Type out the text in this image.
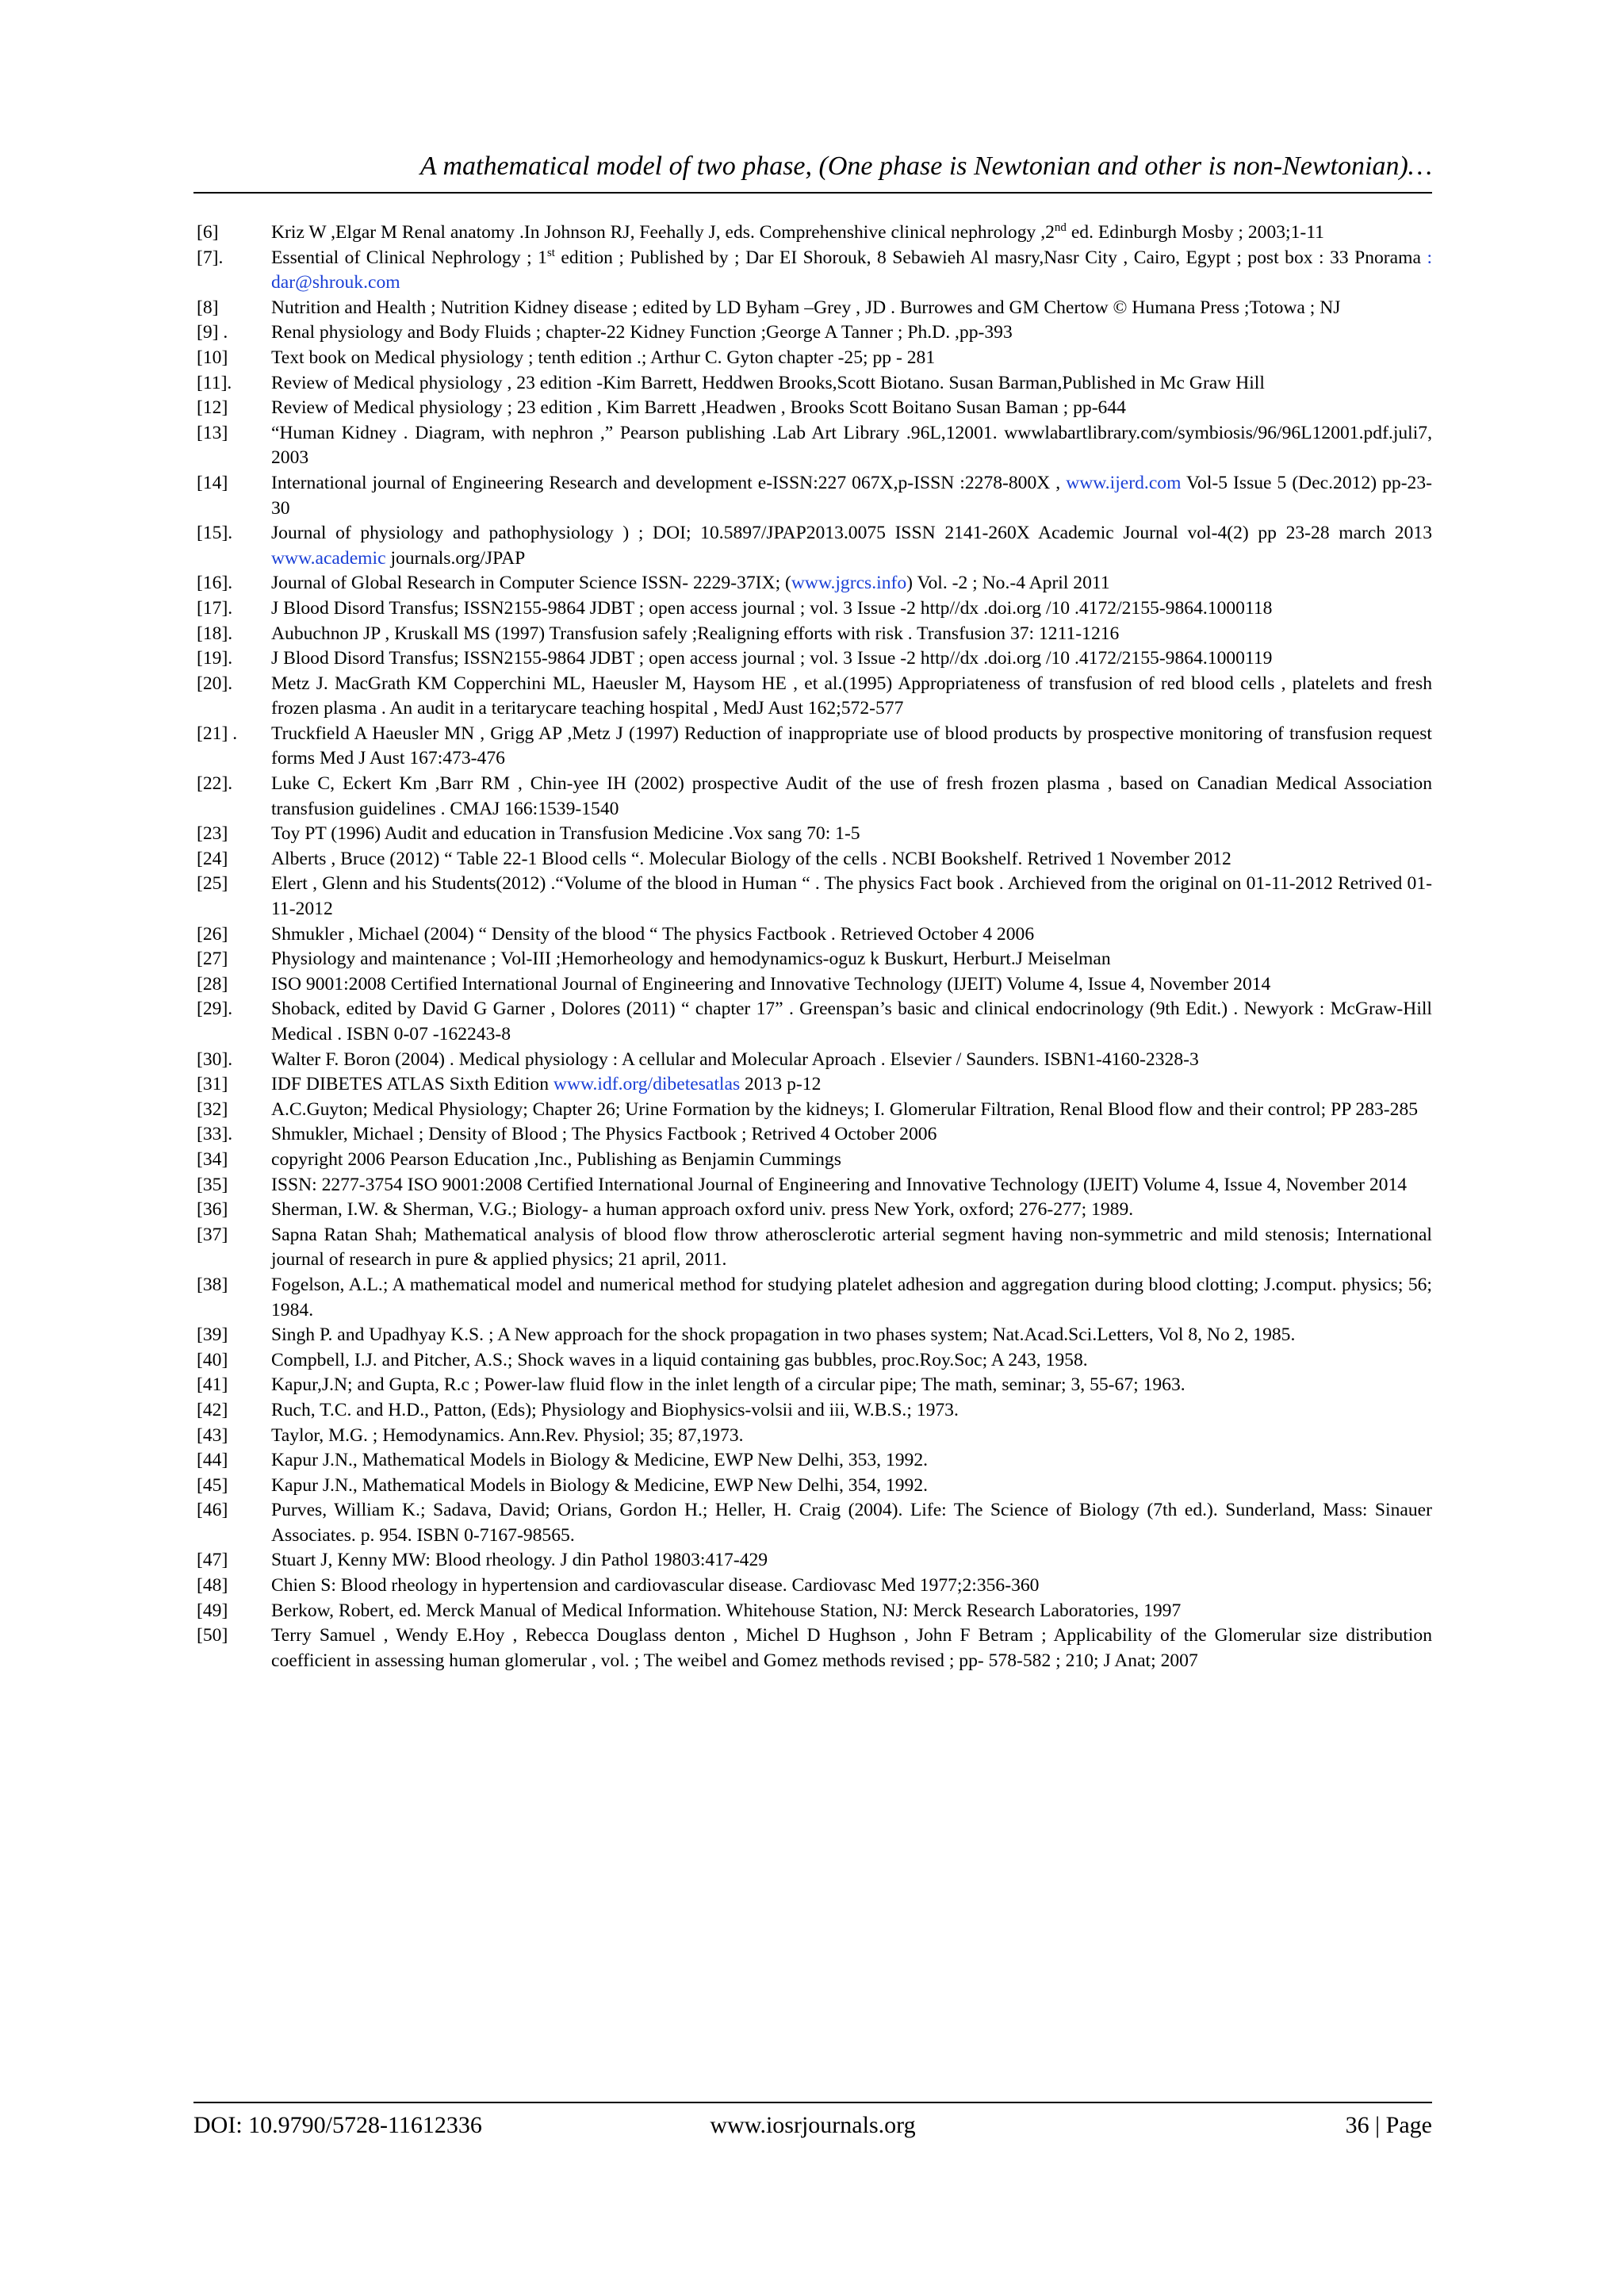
A mathematical model of two phase, (One phase is Newtonian and other is non-Newtonian)…
[6]	Kriz W ,Elgar M Renal anatomy .In Johnson RJ, Feehally J, eds. Comprehenshive clinical nephrology ,2nd ed. Edinburgh Mosby ; 2003;1-11
[7].	Essential of Clinical Nephrology ; 1st edition ; Published by ; Dar EI Shorouk, 8 Sebawieh Al masry,Nasr City , Cairo, Egypt ; post box : 33 Pnorama : dar@shrouk.com
[8]	Nutrition and Health ; Nutrition Kidney disease ; edited by LD Byham –Grey , JD . Burrowes and GM Chertow © Humana Press ;Totowa ; NJ
[9] .	Renal physiology and Body Fluids ; chapter-22 Kidney Function ;George A Tanner ; Ph.D. ,pp-393
[10]	Text book on Medical physiology ; tenth edition .; Arthur C. Gyton chapter -25; pp - 281
[11].	Review of Medical physiology , 23 edition -Kim Barrett, Heddwen Brooks,Scott Biotano. Susan Barman,Published in Mc Graw Hill
[12]	Review of Medical physiology ; 23 edition , Kim Barrett ,Headwen , Brooks Scott Boitano Susan Baman ; pp-644
[13]	“Human Kidney . Diagram, with nephron ,” Pearson publishing .Lab Art Library .96L,12001. wwwlabartlibrary.com/symbiosis/96/96L12001.pdf.juli7, 2003
[14]	International journal of Engineering Research and development e-ISSN:227 067X,p-ISSN :2278-800X , www.ijerd.com Vol-5 Issue 5 (Dec.2012) pp-23-30
[15].	Journal of physiology and pathophysiology ) ; DOI; 10.5897/JPAP2013.0075 ISSN 2141-260X Academic Journal vol-4(2) pp 23-28 march 2013 www.academic journals.org/JPAP
[16].	Journal of Global Research in Computer Science ISSN- 2229-37IX; (www.jgrcs.info) Vol. -2 ; No.-4 April 2011
[17].	J Blood Disord Transfus; ISSN2155-9864 JDBT ; open access journal ; vol. 3 Issue -2 http//dx .doi.org /10 .4172/2155-9864.1000118
[18].	Aubuchnon JP , Kruskall MS (1997) Transfusion safely ;Realigning efforts with risk . Transfusion 37: 1211-1216
[19].	J Blood Disord Transfus; ISSN2155-9864 JDBT ; open access journal ; vol. 3 Issue -2 http//dx .doi.org /10 .4172/2155-9864.1000119
[20].	Metz J. MacGrath KM Copperchini ML, Haeusler M, Haysom HE , et al.(1995) Appropriateness of transfusion of red blood cells , platelets and fresh frozen plasma . An audit in a teritarycare teaching hospital , MedJ Aust 162;572-577
[21] .	Truckfield A Haeusler MN , Grigg AP ,Metz J (1997) Reduction of inappropriate use of blood products by prospective monitoring of transfusion request forms Med J Aust 167:473-476
[22].	Luke C, Eckert Km ,Barr RM , Chin-yee IH (2002) prospective Audit of the use of fresh frozen plasma , based on Canadian Medical Association transfusion guidelines . CMAJ 166:1539-1540
[23]	Toy PT (1996) Audit and education in Transfusion Medicine .Vox sang 70: 1-5
[24]	Alberts , Bruce (2012) “ Table 22-1 Blood cells “. Molecular Biology of the cells . NCBI Bookshelf. Retrived 1 November 2012
[25]	Elert , Glenn and his Students(2012) .“Volume of the blood in Human “ . The physics Fact book . Archieved from the original on 01-11-2012 Retrived 01-11-2012
[26]	Shmukler , Michael (2004) “ Density of the blood “ The physics Factbook . Retrieved October 4 2006
[27]	Physiology and maintenance ; Vol-III ;Hemorheology and hemodynamics-oguz k Buskurt, Herburt.J Meiselman
[28]	ISO 9001:2008 Certified International Journal of Engineering and Innovative Technology (IJEIT) Volume 4, Issue 4, November 2014
[29].	Shoback, edited by David G Garner , Dolores (2011) “ chapter 17” . Greenspan’s basic and clinical endocrinology (9th Edit.) . Newyork : McGraw-Hill Medical . ISBN 0-07 -162243-8
[30].	Walter F. Boron (2004) . Medical physiology : A cellular and Molecular Aproach . Elsevier / Saunders. ISBN1-4160-2328-3
[31]	IDF DIBETES ATLAS Sixth Edition www.idf.org/dibetesatlas 2013 p-12
[32]	A.C.Guyton; Medical Physiology; Chapter 26; Urine Formation by the kidneys; I. Glomerular Filtration, Renal Blood flow and their control; PP 283-285
[33].	Shmukler, Michael ; Density of Blood ; The Physics Factbook ; Retrived 4 October 2006
[34]	copyright 2006 Pearson Education ,Inc., Publishing as Benjamin Cummings
[35]	ISSN: 2277-3754 ISO 9001:2008 Certified International Journal of Engineering and Innovative Technology (IJEIT) Volume 4, Issue 4, November 2014
[36]	Sherman, I.W. & Sherman, V.G.; Biology- a human approach oxford univ. press New York, oxford; 276-277; 1989.
[37]	Sapna Ratan Shah; Mathematical analysis of blood flow throw atherosclerotic arterial segment having non-symmetric and mild stenosis; International journal of research in pure & applied physics; 21 april, 2011.
[38]	Fogelson, A.L.; A mathematical model and numerical method for studying platelet adhesion and aggregation during blood clotting; J.comput. physics; 56; 1984.
[39]	Singh P. and Upadhyay K.S. ; A New approach for the shock propagation in two phases system; Nat.Acad.Sci.Letters, Vol 8, No 2, 1985.
[40]	Compbell, I.J. and Pitcher, A.S.; Shock waves in a liquid containing gas bubbles, proc.Roy.Soc; A 243, 1958.
[41]	Kapur,J.N; and Gupta, R.c ; Power-law fluid flow in the inlet length of a circular pipe; The math, seminar; 3, 55-67; 1963.
[42]	Ruch, T.C. and H.D., Patton, (Eds); Physiology and Biophysics-volsii and iii, W.B.S.; 1973.
[43]	Taylor, M.G. ; Hemodynamics. Ann.Rev. Physiol; 35; 87,1973.
[44]	Kapur J.N., Mathematical Models in Biology & Medicine, EWP New Delhi, 353, 1992.
[45]	Kapur J.N., Mathematical Models in Biology & Medicine, EWP New Delhi, 354, 1992.
[46]	Purves, William K.; Sadava, David; Orians, Gordon H.; Heller, H. Craig (2004). Life: The Science of Biology (7th ed.). Sunderland, Mass: Sinauer Associates. p. 954. ISBN 0-7167-98565.
[47]	Stuart J, Kenny MW: Blood rheology. J din Pathol 19803:417-429
[48]	Chien S: Blood rheology in hypertension and cardiovascular disease. Cardiovasc Med 1977;2:356-360
[49]	Berkow, Robert, ed. Merck Manual of Medical Information. Whitehouse Station, NJ: Merck Research Laboratories, 1997
[50]	Terry Samuel , Wendy E.Hoy , Rebecca Douglass denton , Michel D Hughson , John F Betram ; Applicability of the Glomerular size distribution coefficient in assessing human glomerular , vol. ; The weibel and Gomez methods revised ; pp- 578-582 ; 210; J Anat; 2007
DOI: 10.9790/5728-11612336	www.iosrjournals.org	36 | Page
